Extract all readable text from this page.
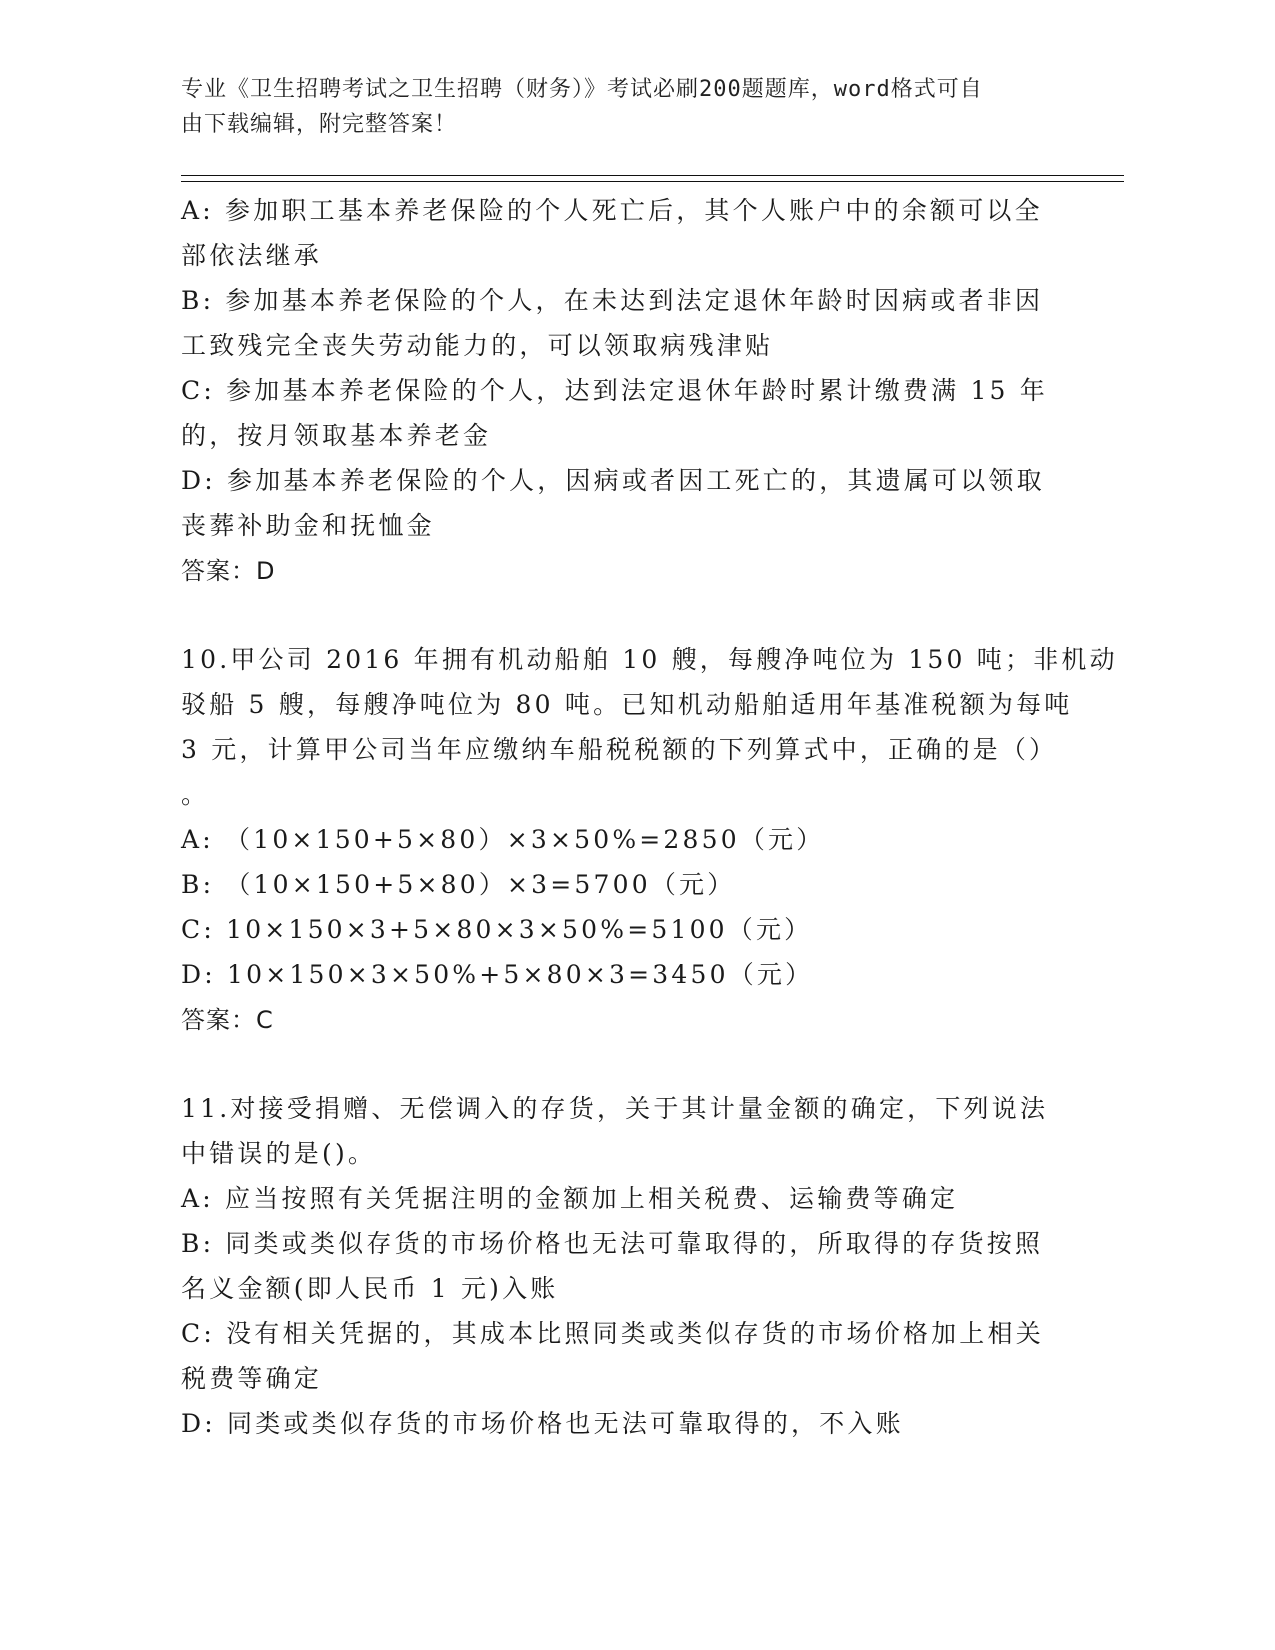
专业《卫生招聘考试之卫生招聘（财务）》考试必刷200题题库，word格式可自
由下载编辑，附完整答案！
A: 参加职工基本养老保险的个人死亡后，其个人账户中的余额可以全
部依法继承
B: 参加基本养老保险的个人，在未达到法定退休年龄时因病或者非因
工致残完全丧失劳动能力的，可以领取病残津贴
C: 参加基本养老保险的个人，达到法定退休年龄时累计缴费满 15 年
的，按月领取基本养老金
D: 参加基本养老保险的个人，因病或者因工死亡的，其遗属可以领取
丧葬补助金和抚恤金
答案：D
10.甲公司 2016 年拥有机动船舶 10 艘，每艘净吨位为 150 吨；非机动
驳船 5 艘，每艘净吨位为 80 吨。已知机动船舶适用年基准税额为每吨
3 元，计算甲公司当年应缴纳车船税税额的下列算式中，正确的是（）
。
A: （10×150+5×80）×3×50%=2850（元）
B: （10×150+5×80）×3=5700（元）
C: 10×150×3+5×80×3×50%=5100（元）
D: 10×150×3×50%+5×80×3=3450（元）
答案：C
11.对接受捐赠、无偿调入的存货，关于其计量金额的确定，下列说法
中错误的是()。
A: 应当按照有关凭据注明的金额加上相关税费、运输费等确定
B: 同类或类似存货的市场价格也无法可靠取得的，所取得的存货按照
名义金额(即人民币 1 元)入账
C: 没有相关凭据的，其成本比照同类或类似存货的市场价格加上相关
税费等确定
D: 同类或类似存货的市场价格也无法可靠取得的，不入账
